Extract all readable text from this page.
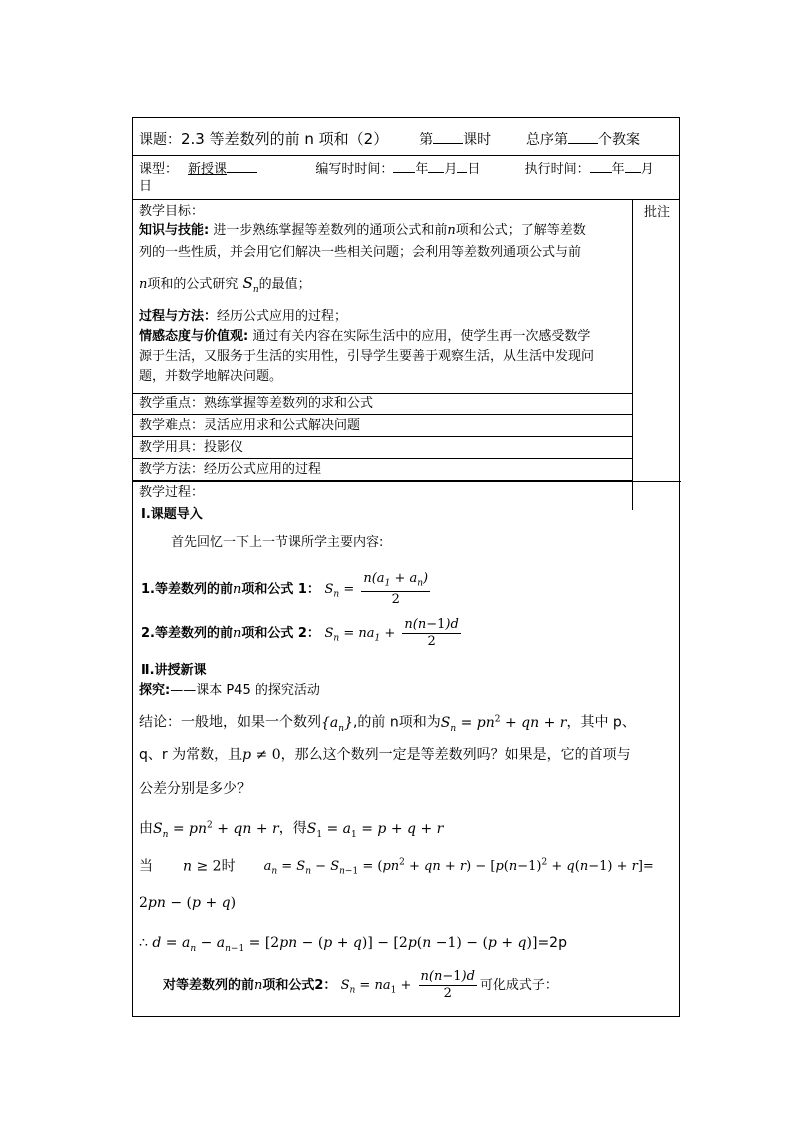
课题：2.3 等差数列的前 n 项和（2） 第 课时 总序第 个教案
课型： 新授课	编写时时间： 年 月 日	执行时间： 年 月
日
批注
教学目标：
知识与技能: 进一步熟练掌握等差数列的通项公式和前n项和公式；了解等差数
列的一些性质，并会用它们解决一些相关问题；会利用等差数列通项公式与前
n项和的公式研究 $S_n$的最值；
过程与方法：经历公式应用的过程；
情感态度与价值观: 通过有关内容在实际生活中的应用，使学生再一次感受数学
源于生活，又服务于生活的实用性，引导学生要善于观察生活，从生活中发现问
题，并数学地解决问题。
教学重点：熟练掌握等差数列的求和公式
教学难点：灵活应用求和公式解决问题
教学用具：投影仪
教学方法：经历公式应用的过程
教学过程：
Ⅰ.课题导入
首先回忆一下上一节课所学主要内容:
1.等差数列的前n项和公式 1： $S_n = \frac{n(a_1 + a_n)}{2}$
2.等差数列的前n项和公式 2： $S_n = na_1 + \frac{n(n-1)d}{2}$
Ⅱ.讲授新课
探究:——课本 P45 的探究活动
结论：一般地，如果一个数列$\{a_n\}$,的前 n项和为$S_n = pn^2$ + qn + r，其中 p、
q、r 为常数，且p ≠ 0，那么这个数列一定是等差数列吗？如果是，它的首项与
公差分别是多少？
由$S_n = pn^2$ + qn + r，得$S_1 = a_1 = p + q + r$
当 n ≥ 2时 $a_n = S_n - S_{n-1} = (pn^2$ + qn + $r) - [p(n-1)^2 + q(n-1) + r]=$
2pn − (p + q)
∴ $d = a_n - a_{n-1} = [2pn - (p + q)] - [2p(n -1) - (p + q)]=2p$
对等差数列的前n项和公式2： $S_n = na_1 + \frac{n(n-1)d}{2}$ 可化成式子：
